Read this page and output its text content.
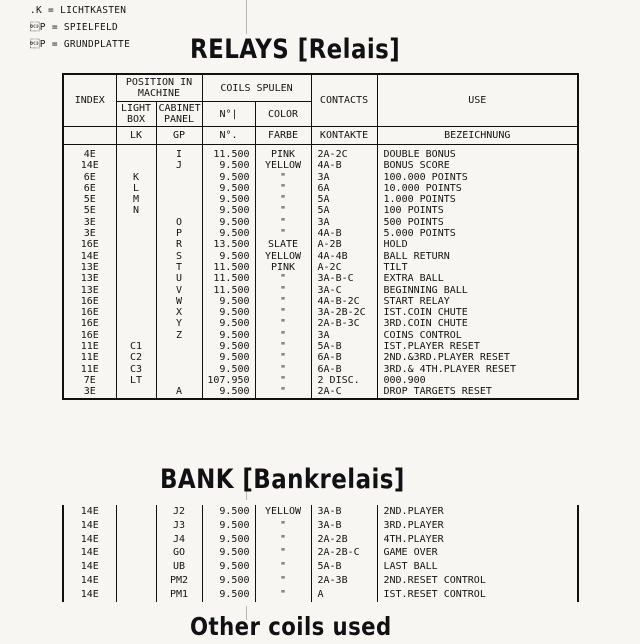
.K = LICHTKASTEN
P = SPIELFELD
P = GRUNDPLATTE RELAYS [Relais]
INDEX	POSITION IN MACHINE		COILS SPULEN		CONTACTS	USE
	LIGHT BOX	CABINET PANEL	N°|	COLOR		
	LK	GP	N°.	FARBE	KONTAKTE	BEZEICHNUNG
4E		I	11.500	PINK	2A-2C	DOUBLE BONUS
14E		J	9.500	YELLOW	4A-B	BONUS SCORE
6E	K		9.500	"	3A	100.000 POINTS
6E	L		9.500	"	6A	10.000 POINTS
5E	M		9.500	"	5A	1.000 POINTS
5E	N		9.500	"	5A	100 POINTS
3E		O	9.500	"	3A	500 POINTS
3E		P	9.500	"	4A-B	5.000 POINTS
16E		R	13.500	SLATE	A-2B	HOLD
14E		S	9.500	YELLOW	4A-4B	BALL RETURN
13E		T	11.500	PINK	A-2C	TILT
13E		U	11.500	"	3A-B-C	EXTRA BALL
13E		V	11.500	"	3A-C	BEGINNING BALL
16E		W	9.500	"	4A-B-2C	START RELAY
16E		X	9.500	"	3A-2B-2C	IST.COIN CHUTE
16E		Y	9.500	"	2A-B-3C	3RD.COIN CHUTE
16E		Z	9.500	"	3A	COINS CONTROL
11E	C1		9.500	"	5A-B	IST.PLAYER RESET
11E	C2		9.500	"	6A-B	2ND.&3RD.PLAYER RESET
11E	C3		9.500	"	6A-B	3RD.& 4TH.PLAYER RESET
7E	LT		107.950	"	2 DISC.	000.900
3E		A	9.500	"	2A-C	DROP TARGETS RESET
BANK [Bankrelais]
14E		J2	9.500	YELLOW	3A-B	2ND.PLAYER
14E		J3	9.500	"	3A-B	3RD.PLAYER
14E		J4	9.500	"	2A-2B	4TH.PLAYER
14E		GO	9.500	"	2A-2B-C	GAME OVER
14E		UB	9.500	"	5A-B	LAST BALL
14E		PM2	9.500	"	2A-3B	2ND.RESET CONTROL
14E		PM1	9.500	"	A	IST.RESET CONTROL
Other coils used
